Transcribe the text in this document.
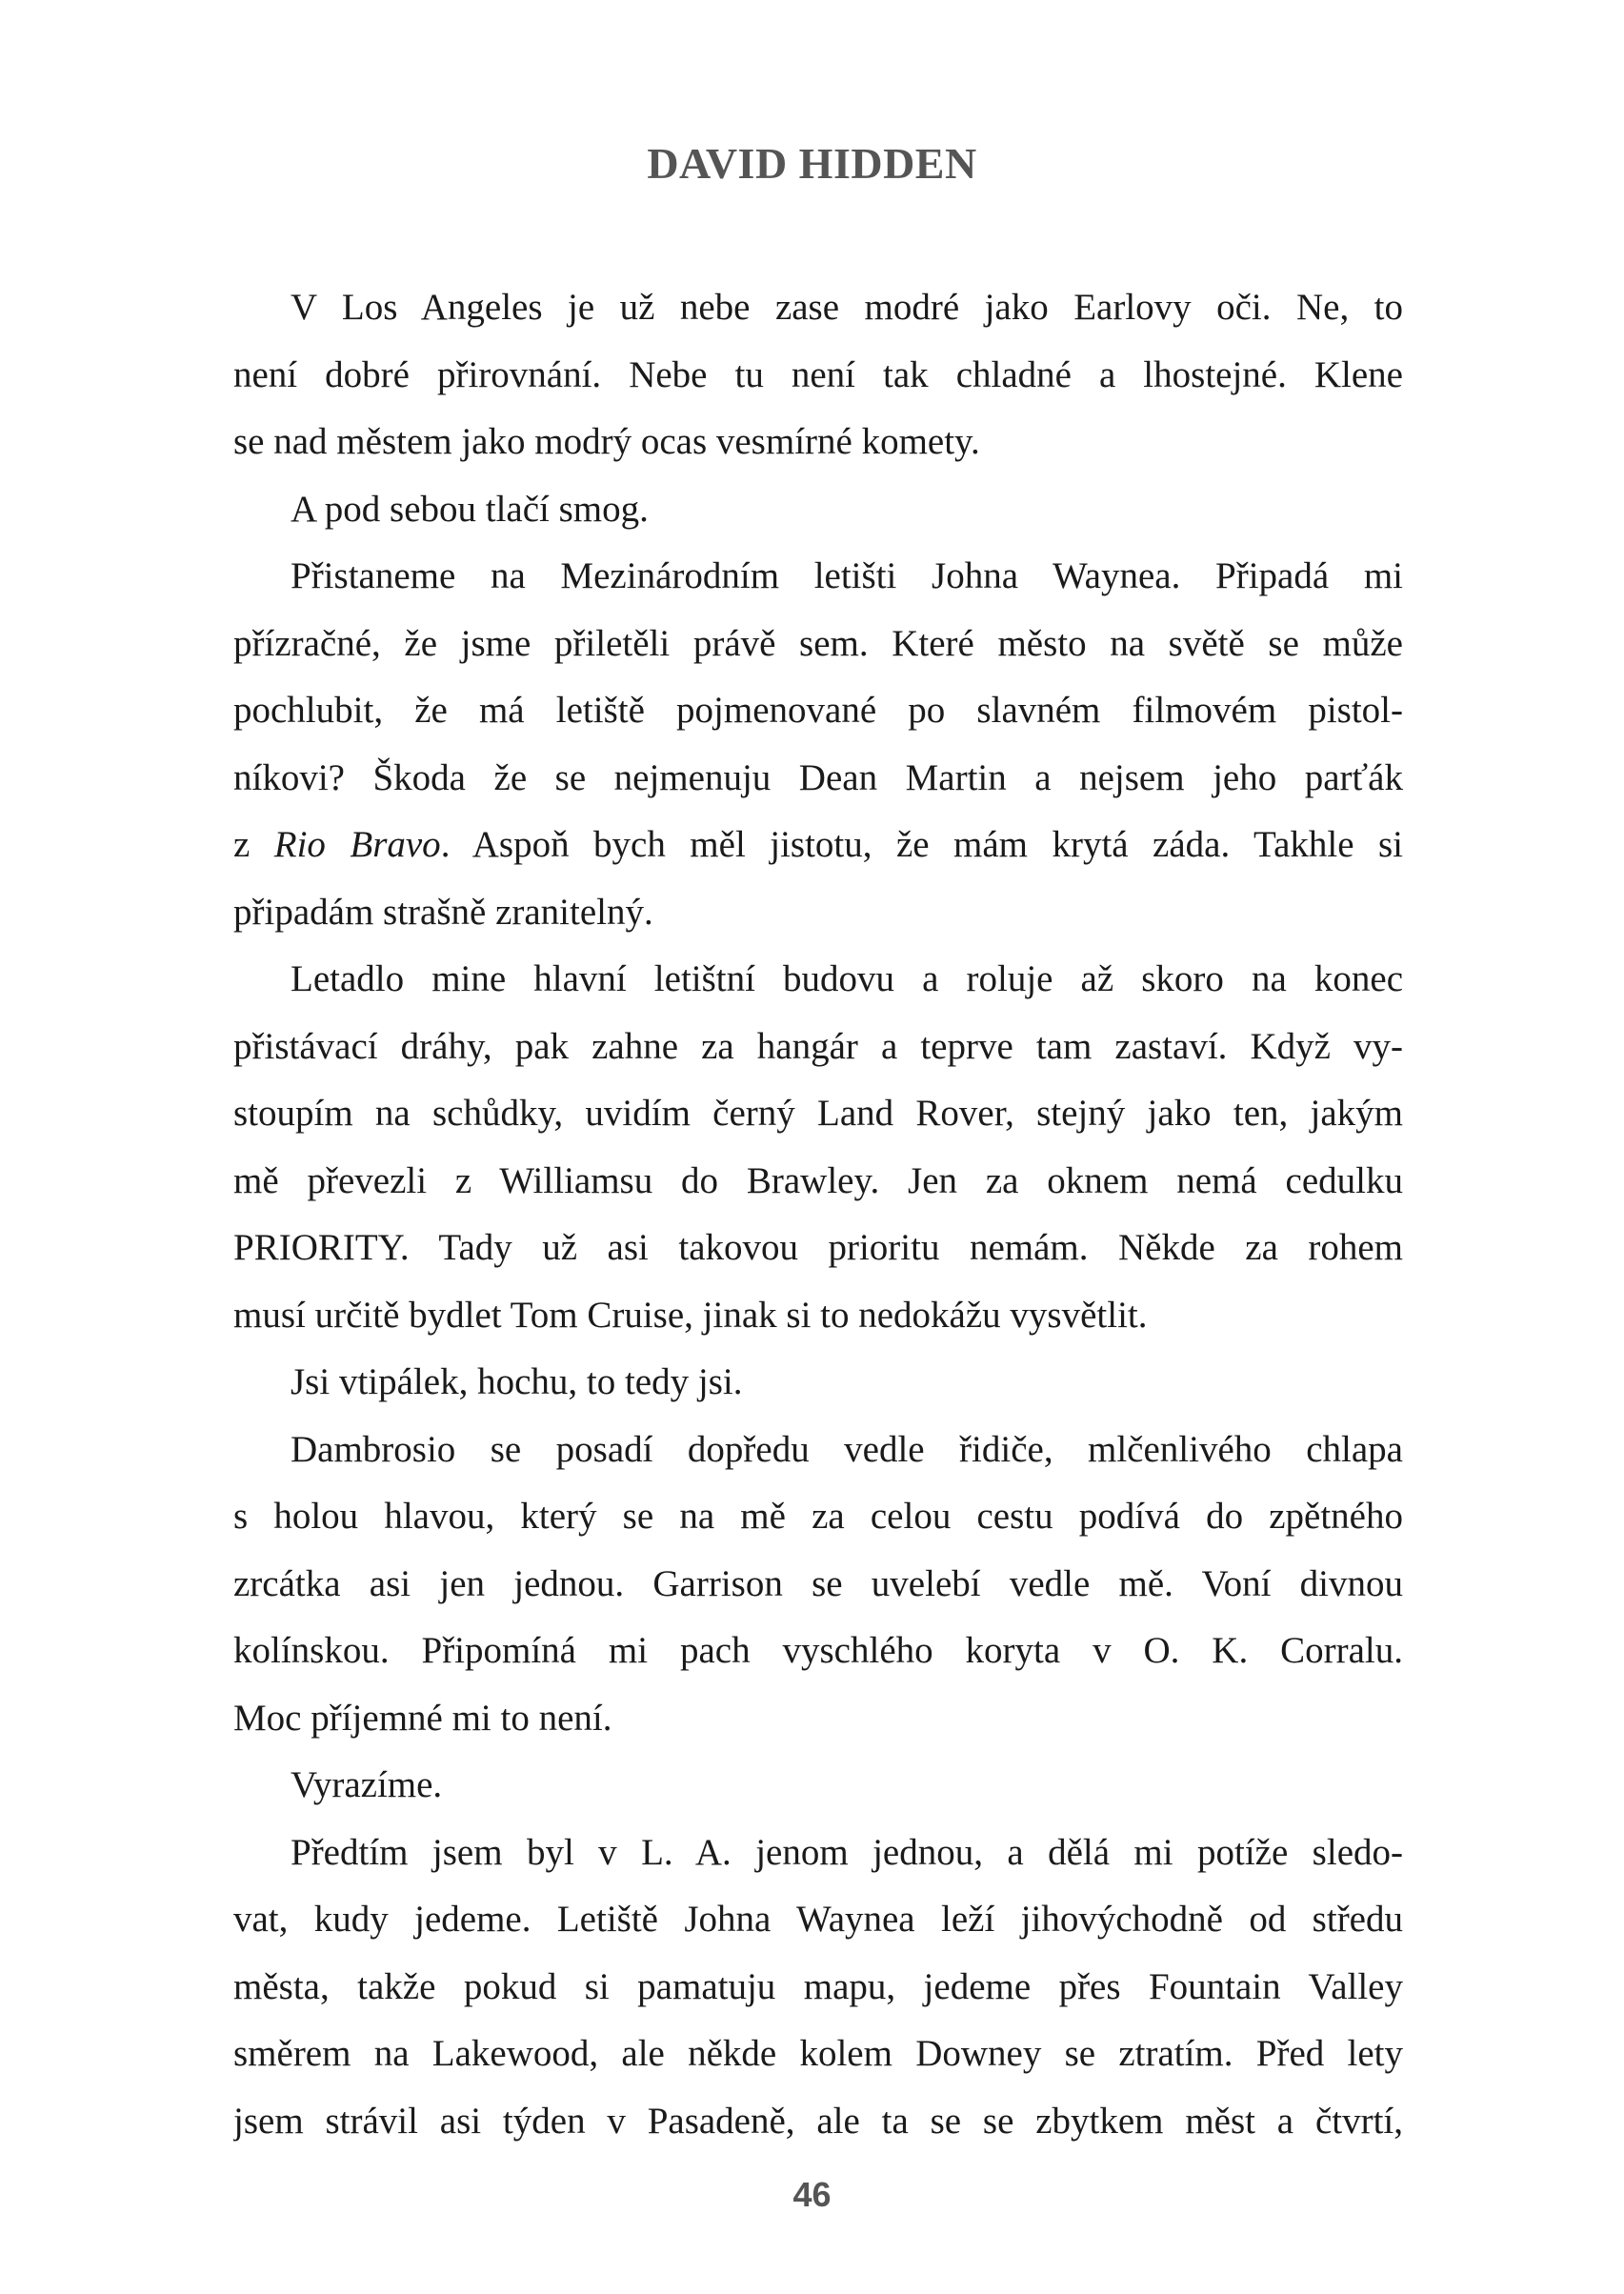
DAVID HIDDEN
V Los Angeles je už nebe zase modré jako Earlovy oči. Ne, to
není dobré přirovnání. Nebe tu není tak chladné a lhostejné. Klene
se nad městem jako modrý ocas vesmírné komety.
A pod sebou tlačí smog.
Přistaneme na Mezinárodním letišti Johna Waynea. Připadá mi
přízračné, že jsme přiletěli právě sem. Které město na světě se může
pochlubit, že má letiště pojmenované po slavném filmovém pistol-
níkovi? Škoda že se nejmenuju Dean Martin a nejsem jeho parťák
z Rio Bravo. Aspoň bych měl jistotu, že mám krytá záda. Takhle si
připadám strašně zranitelný.
Letadlo mine hlavní letištní budovu a roluje až skoro na konec
přistávací dráhy, pak zahne za hangár a teprve tam zastaví. Když vy-
stoupím na schůdky, uvidím černý Land Rover, stejný jako ten, jakým
mě převezli z Williamsu do Brawley. Jen za oknem nemá cedulku
PRIORITY. Tady už asi takovou prioritu nemám. Někde za rohem
musí určitě bydlet Tom Cruise, jinak si to nedokážu vysvětlit.
Jsi vtipálek, hochu, to tedy jsi.
Dambrosio se posadí dopředu vedle řidiče, mlčenlivého chlapa
s holou hlavou, který se na mě za celou cestu podívá do zpětného
zrcátka asi jen jednou. Garrison se uvelebí vedle mě. Voní divnou
kolínskou. Připomíná mi pach vyschlého koryta v O. K. Corralu.
Moc příjemné mi to není.
Vyrazíme.
Předtím jsem byl v L. A. jenom jednou, a dělá mi potíže sledo-
vat, kudy jedeme. Letiště Johna Waynea leží jihovýchodně od středu
města, takže pokud si pamatuju mapu, jedeme přes Fountain Valley
směrem na Lakewood, ale někde kolem Downey se ztratím. Před lety
jsem strávil asi týden v Pasadeně, ale ta se se zbytkem měst a čtvrtí,
46
